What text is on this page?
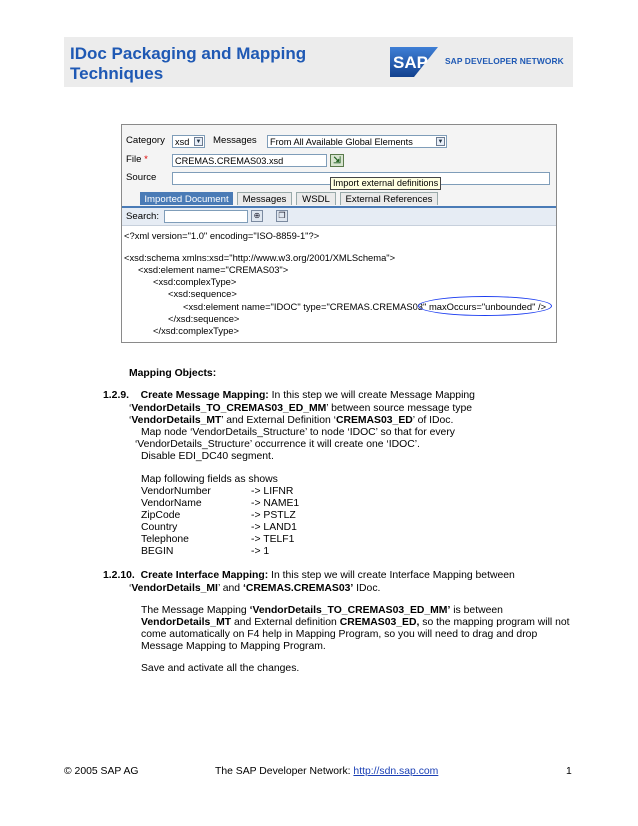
IDoc Packaging and Mapping
Techniques
SAP SAP DEVELOPER NETWORK
Category	xsd ▼ Messages	From All Available Global Elements	▼
File *	CREMAS.CREMAS03.xsd	⇲
Source	Import external definitions
Imported Document	Messages	WSDL	External References
Search:	⊕	❐
<?xml version="1.0" encoding="ISO-8859-1"?>
<xsd:schema xmlns:xsd="http://www.w3.org/2001/XMLSchema">
<xsd:element name="CREMAS03">
<xsd:complexType>
<xsd:sequence>
<xsd:element name="IDOC" type="CREMAS.CREMAS03" maxOccurs="unbounded" />
</xsd:sequence>
</xsd:complexType>
Mapping Objects:
1.2.9. Create Message Mapping: In this step we will create Message Mapping
‘VendorDetails_TO_CREMAS03_ED_MM’ between source message type
‘VendorDetails_MT’ and External Definition ‘CREMAS03_ED’ of IDoc.
Map node ‘VendorDetails_Structure’ to node ‘IDOC’ so that for every
‘VendorDetails_Structure’ occurrence it will create one ‘IDOC’.
Disable EDI_DC40 segment.
Map following fields as shows
VendorNumber	-> LIFNR
VendorName	-> NAME1
ZipCode	-> PSTLZ
Country	-> LAND1
Telephone	-> TELF1
BEGIN	-> 1
1.2.10. Create Interface Mapping: In this step we will create Interface Mapping between
‘VendorDetails_MI’ and ‘CREMAS.CREMAS03’ IDoc.
The Message Mapping ‘VendorDetails_TO_CREMAS03_ED_MM’ is between
VendorDetails_MT and External definition CREMAS03_ED, so the mapping program will not
come automatically on F4 help in Mapping Program, so you will need to drag and drop
Message Mapping to Mapping Program.
Save and activate all the changes.
© 2005 SAP AG	The SAP Developer Network: http://sdn.sap.com	1
